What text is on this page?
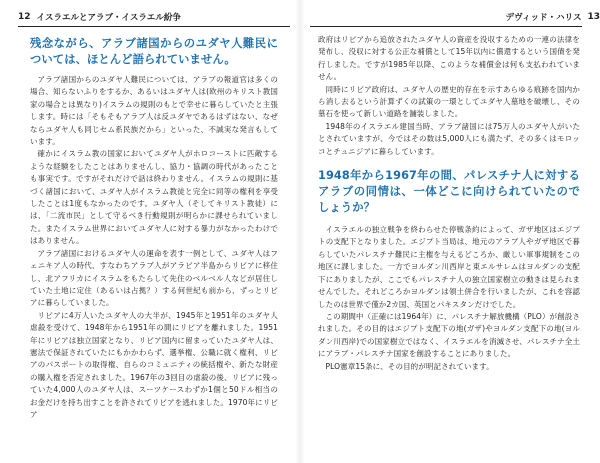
12 イスラエルとアラブ・イスラエル紛争
残念ながら、アラブ諸国からのユダヤ人難民については、ほとんど語られていません。

アラブ諸国からのユダヤ人難民については、アラブの報道官は多くの場合、知らないふりをするか、あるいはユダヤ人は(欧州のキリスト教国家の場合とは異なり)イスラムの規則のもとで幸せに暮らしていたと主張します。時には「そもそもアラブ人は反ユダヤであるはずはない、なぜならユダヤ人も同じセム系民族だから」といった、不誠実な発言もしています。

確かにイスラム教の国家においてユダヤ人がホロコーストに匹敵するような経験をしたことはありませんし、協力・協調の時代があったことも事実です。ですがそれだけで話は終わりません。イスラムの規則に基づく諸国において、ユダヤ人がイスラム教徒と完全に同等の権利を享受したことは1度もなかったのです。ユダヤ人（そしてキリスト教徒）には、「二流市民」として守るべき行動規則が明らかに課せられていました。またイスラム世界においてユダヤ人に対する暴力がなかったわけではありません。

アラブ諸国におけるユダヤ人の運命を表す一例として、ユダヤ人はフェニキア人の時代、すなわちアラブ人がアラビア半島からリビアに移住し、北アフリカにイスラムをもたらして先住のベルベル人などが居住していた土地に定住（あるいは占拠？）する何世紀も前から、ずっとリビアに暮らしていました。

リビアに4万人いたユダヤ人の大半が、1945年と1951年のユダヤ人虐殺を受けて、1948年から1951年の間にリビアを離れました。1951年にリビアは独立国家となり、リビア国内に留まっていたユダヤ人は、憲法で保証されていたにもかかわらず、選挙権、公職に就く権利、リビアのパスポートの取得権、自らのコミュニティの統括権や、新たな財産の購入権を否定されました。1967年の3回目の虐殺の後、リビアに残っていた4,000人のユダヤ人は、スーツケースわずか1個と50ドル相当のお金だけを持ち出すことを許されてリビアを逃れました。1970年にリビア

デヴィッド・ハリス 13

政府はリビアから追放されたユダヤ人の資産を没収するための一連の法律を発布し、没収に対する公正な補償として15年以内に償還するという国債を発行しました。ですが1985年以降、このような補償金は何も支払われていません。

同時にリビア政府は、ユダヤ人の歴史的存在を示すあらゆる痕跡を国内から消し去るという計算ずくの試策の一環としてユダヤ人墓地を破壊し、その墓石を使って新しい道路を舗装しました。

1948年のイスラエル建国当時、アラブ諸国には75万人のユダヤ人がいたとされていますが、今ではその数は5,000人にも満たず、その多くはモロッコとチュニジアに暮らしています。

1948年から1967年の間、パレスチナ人に対するアラブの同情は、一体どこに向けられていたのでしょうか？

イスラエルの独立戦争を終わらせた停戦条約によって、ガザ地区はエジプトの支配下となりました。エジプト当局は、地元のアラブ人やガザ地区で暮らしていたパレスチナ難民に主権を与えるどころか、厳しい軍事規制をこの地区に課しました。一方でヨルダン川西岸と東エルサレムはヨルダンの支配下にありましたが、ここでもパレスチナ人の独立国家樹立の動きは見られませんでした。それどころかヨルダンは領土併合を行いましたが、これを容認したのは世界で僅か2カ国、英国とパキスタンだけでした。

この期間中（正確には1964年）に、パレスチナ解放機構（PLO）が創設されました。その目的はエジプト支配下の地(ガザ)やヨルダン支配下の地(ヨルダン川西岸)での国家樹立ではなく、イスラエルを消滅させ、パレスチナ全土にアラブ・パレスチナ国家を創設することにありました。

PLO憲章15条に、その目的が明記されています。
